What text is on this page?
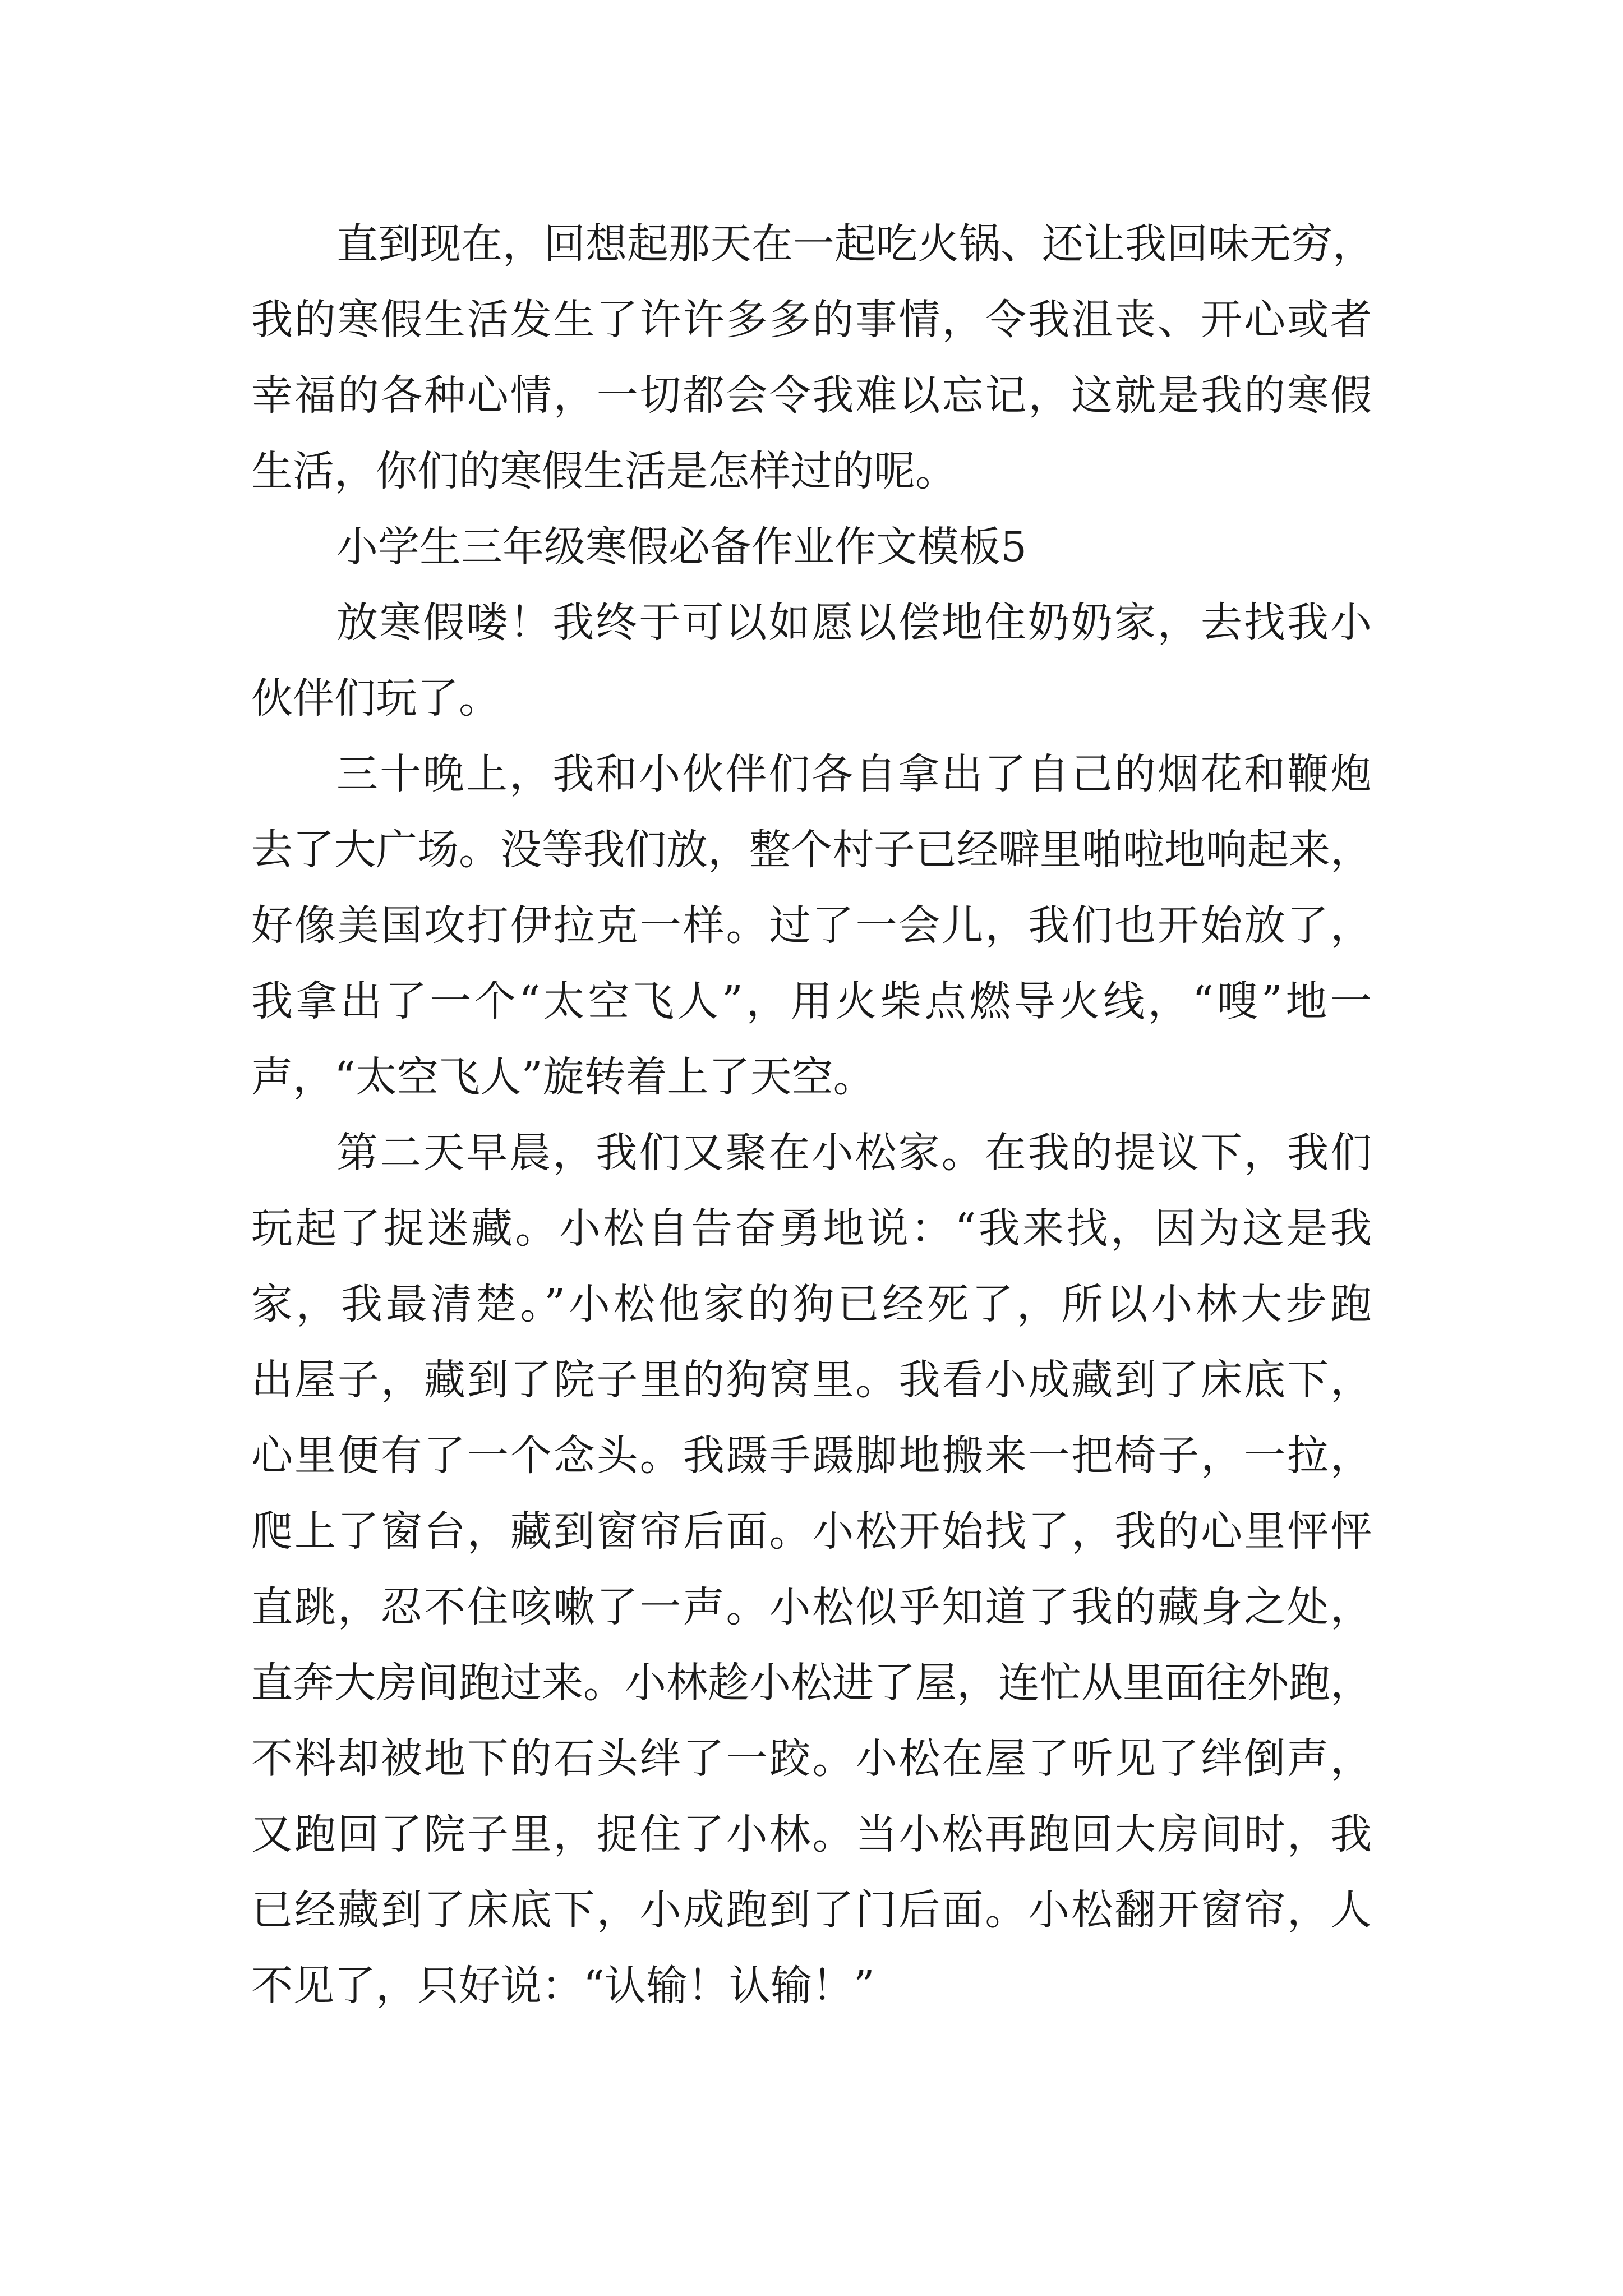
直到现在，回想起那天在一起吃火锅、还让我回味无穷，
我的寒假生活发生了许许多多的事情，令我沮丧、开心或者
幸福的各种心情，一切都会令我难以忘记，这就是我的寒假
生活，你们的寒假生活是怎样过的呢。
小学生三年级寒假必备作业作文模板5
放寒假喽！我终于可以如愿以偿地住奶奶家，去找我小
伙伴们玩了。
三十晚上，我和小伙伴们各自拿出了自己的烟花和鞭炮
去了大广场。没等我们放，整个村子已经噼里啪啦地响起来，
好像美国攻打伊拉克一样。过了一会儿，我们也开始放了，
我拿出了一个“太空飞人”，用火柴点燃导火线，“嗖”地一
声，“太空飞人”旋转着上了天空。
第二天早晨，我们又聚在小松家。在我的提议下，我们
玩起了捉迷藏。小松自告奋勇地说：“我来找，因为这是我
家，我最清楚。”小松他家的狗已经死了，所以小林大步跑
出屋子，藏到了院子里的狗窝里。我看小成藏到了床底下，
心里便有了一个念头。我蹑手蹑脚地搬来一把椅子，一拉，
爬上了窗台，藏到窗帘后面。小松开始找了，我的心里怦怦
直跳，忍不住咳嗽了一声。小松似乎知道了我的藏身之处，
直奔大房间跑过来。小林趁小松进了屋，连忙从里面往外跑，
不料却被地下的石头绊了一跤。小松在屋了听见了绊倒声，
又跑回了院子里，捉住了小林。当小松再跑回大房间时，我
已经藏到了床底下，小成跑到了门后面。小松翻开窗帘，人
不见了，只好说：“认输！认输！”
